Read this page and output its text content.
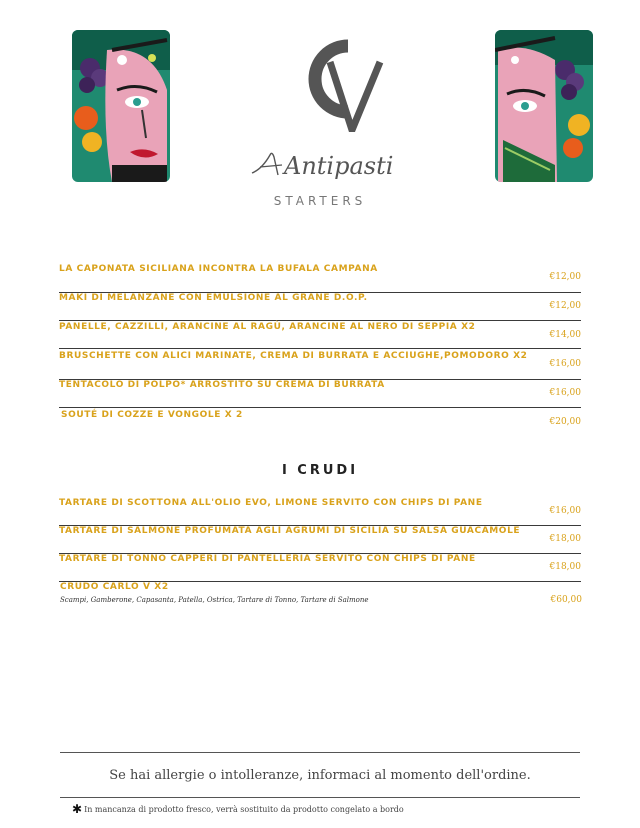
Antipasti
STARTERS
LA CAPONATA SICILIANA INCONTRA LA BUFALA CAMPANA
€12,00
MAKI DI MELANZANE CON EMULSIONE AL GRANE D.O.P.
€12,00
PANELLE, CAZZILLI, ARANCINE AL RAGÙ, ARANCINE AL NERO DI SEPPIA X2
€14,00
BRUSCHETTE CON ALICI MARINATE, CREMA DI BURRATA E ACCIUGHE,POMODORO X2
€16,00
TENTACOLO DI POLPO* ARROSTITO SU CREMA DI BURRATA
€16,00
SOUTÉ DI COZZE E VONGOLE X 2
€20,00
I CRUDI
TARTARE DI SCOTTONA ALL'OLIO EVO, LIMONE SERVITO CON CHIPS DI PANE
€16,00
TARTARE DI SALMONE PROFUMATA AGLI AGRUMI DI SICILIA SU SALSA GUACAMOLE
€18,00
TARTARE DI TONNO CAPPERI DI PANTELLERIA SERVITO CON CHIPS DI PANE
€18,00
CRUDO CARLO V X2
Scampi, Gamberone, Capasanta, Patella, Ostrica, Tartare di Tonno, Tartare di Salmone	€60,00
Se hai allergie o intolleranze, informaci al momento dell'ordine.
✱ In mancanza di prodotto fresco, verrà sostituito da prodotto congelato a bordo
